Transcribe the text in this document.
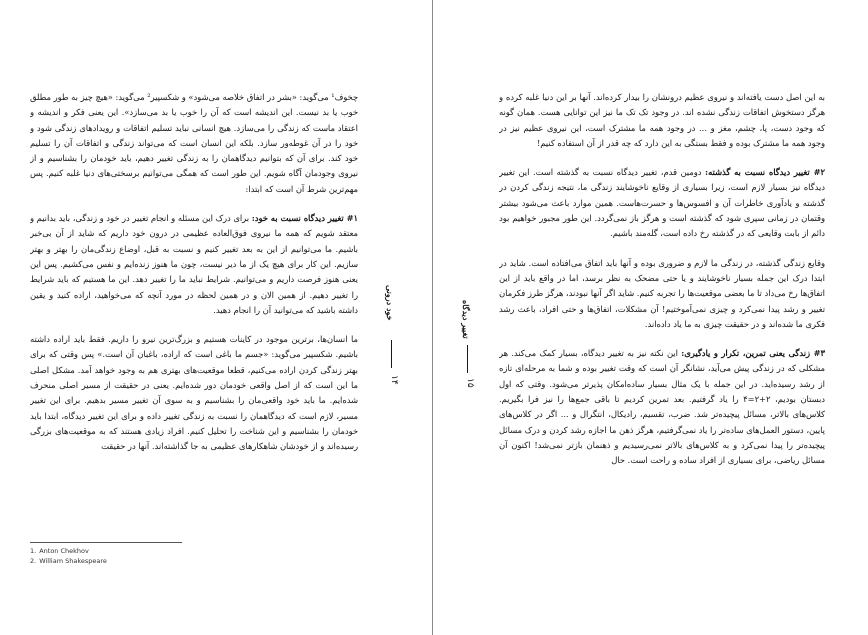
چخوف¹ می‌گوید: «بشر در اتفاق خلاصه می‌شود» و شکسپیر² می‌گوید: «هیچ چیز به طور مطلق خوب یا بد نیست. این اندیشه است که آن را خوب یا بد می‌سازد». این یعنی فکر و اندیشه و اعتقاد ماست که زندگی را می‌سازد. هیچ انسانی نباید تسلیم اتفاقات و رویدادهای زندگی شود و خود را در آن غوطه‌ور سازد. بلکه این انسان است که می‌تواند زندگی و اتفاقات آن را تسلیم خود کند. برای آن که بتوانیم دیدگاهمان را به زندگی تغییر دهیم، باید خودمان را بشناسیم و از نیروی وجودمان آگاه شویم. این طور است که همگی می‌توانیم برسختی‌های دنیا غلبه کنیم. پس مهم‌ترین شرط آن است که ابتدا:

#۱ تغییر دیدگاه نسبت به خود: برای درک این مسئله و انجام تغییر در خود و زندگی، باید بدانیم و معتقد شویم که همه ما نیروی فوق‌العاده عظیمی در درون خود داریم که شاید از آن بی‌خبر باشیم. ما می‌توانیم از این به بعد تغییر کنیم و نسبت به قبل، اوضاع زندگی‌مان را بهتر و بهتر سازیم. این کار برای هیچ یک از ما دیر نیست، چون ما هنوز زنده‌ایم و نفس می‌کشیم. پس این یعنی هنوز فرصت داریم و می‌توانیم. شرایط نباید ما را تغییر دهد. این ما هستیم که باید شرایط را تغییر دهیم. از همین الان و در همین لحظه در مورد آنچه که می‌خواهید، اراده کنید و یقین داشته باشید که می‌توانید آن را انجام دهید.

ما انسان‌ها، برترین موجود در کاینات هستیم و بزرگ‌ترین نیرو را داریم. فقط باید اراده داشته باشیم. شکسپیر می‌گوید: «جسم ما باغی است که اراده، باغبان آن است.» پس وقتی که برای بهتر زندگی کردن اراده می‌کنیم، قطعا موقعیت‌های بهتری هم به وجود خواهد آمد. مشکل اصلی ما این است که از اصل واقعی خودمان دور شده‌ایم. یعنی در حقیقت از مسیر اصلی منحرف شده‌ایم. ما باید خود واقعی‌مان را بشناسیم و به سوی آن تغییر مسیر بدهیم. برای این تغییر مسیر، لازم است که دیدگاهمان را نسبت به زندگی تغییر داده و برای این تغییر دیدگاه، ابتدا باید خودمان را بشناسیم و این شناخت را تحلیل کنیم. افراد زیادی هستند که به موقعیت‌های بزرگی رسیده‌اند و از خودشان شاهکارهای عظیمی به جا گذاشته‌اند. آنها در حقیقت

خود درونی
۱۴
1. Anton Chekhov
2. William Shakespeare
تغییر دیدگاه
۱۵

به این اصل دست یافته‌اند و نیروی عظیم درونشان را بیدار کرده‌اند. آنها بر این دنیا غلبه کرده و هرگز دستخوش اتفاقات زندگی نشده اند. در وجود تک تک ما نیز این توانایی هست. همان گونه که وجود دست، پا، چشم، مغز و ... در وجود همه ما مشترک است، این نیروی عظیم نیز در وجود همه ما مشترک بوده و فقط بستگی به این دارد که چه قدر از آن استفاده کنیم!

#۲ تغییر دیدگاه نسبت به گذشته: دومین قدم، تغییر دیدگاه نسبت به گذشته است. این تغییر دیدگاه نیز بسیار لازم است، زیرا بسیاری از وقایع ناخوشایند زندگی ما، نتیجه زندگی کردن در گذشته و یادآوری خاطرات آن و افسوس‌ها و حسرت‌هاست. همین موارد باعث می‌شود بیشتر وقتمان در زمانی سپری شود که گذشته است و هرگز باز نمی‌گردد. این طور مجبور خواهیم بود دائم از بابت وقایعی که در گذشته رخ داده است، گله‌مند باشیم.

وقایع زندگی گذشته، در زندگی ما لازم و ضروری بوده و آنها باید اتفاق می‌افتاده است. شاید در ابتدا درک این جمله بسیار ناخوشایند و یا حتی مضحک به نظر برسد، اما در واقع باید از این اتفاق‌ها رخ می‌داد تا ما بعضی موقعیت‌ها را تجربه کنیم. شاید اگر آنها نبودند، هرگز طرز فکرمان تغییر و رشد پیدا نمی‌کرد و چیزی نمی‌آموختیم! آن مشکلات، اتفاق‌ها و حتی افراد، باعث رشد فکری ما شده‌اند و در حقیقت چیزی به ما یاد داده‌اند.

#۳ زندگی یعنی تمرین، تکرار و یادگیری: این نکته نیز به تغییر دیدگاه، بسیار کمک می‌کند. هر مشکلی که در زندگی پیش می‌آید، نشانگر آن است که وقت تغییر بوده و شما به مرحله‌ای تازه از رشد رسیده‌اید. در این جمله با یک مثال بسیار ساده‌امکان پذیرتر می‌شود. وقتی که اول دبستان بودیم، ۲+۲=۴ را یاد گرفتیم. بعد تمرین کردیم تا باقی جمع‌ها را نیز فرا بگیریم. کلاس‌های بالاتر، مسائل پیچیده‌تر شد. ضرب، تقسیم، رادیکال، انتگرال و ... اگر در کلاس‌های پایین، دستور العمل‌های ساده‌تر را یاد نمی‌گرفتیم، هرگز ذهن ما اجازه رشد کردن و درک مسائل پیچیده‌تر را پیدا نمی‌کرد و به کلاس‌های بالاتر نمی‌رسیدیم و ذهنمان بازتر نمی‌شد! اکنون آن مسائل ریاضی، برای بسیاری از افراد ساده و راحت است. حال
